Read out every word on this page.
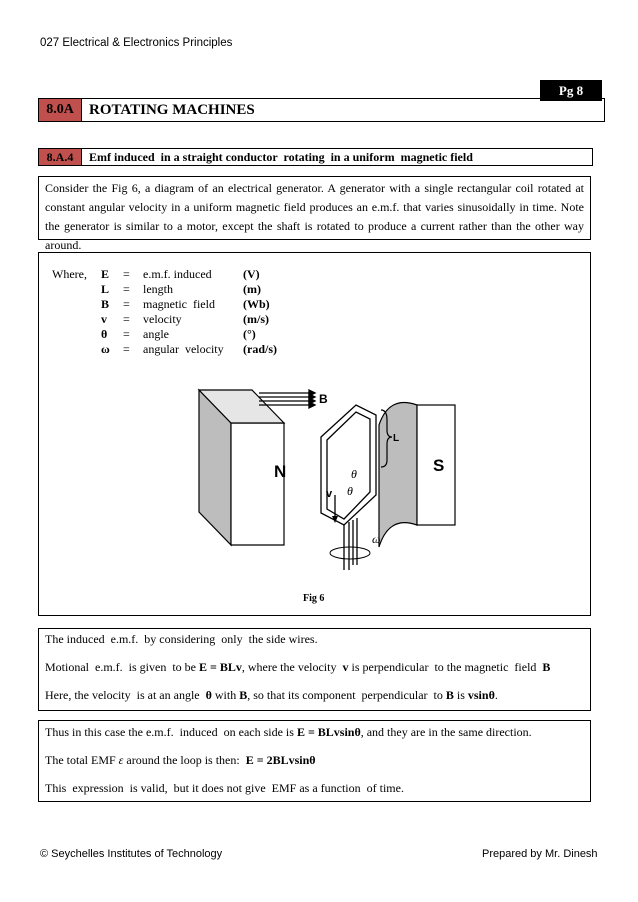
027 Electrical & Electronics Principles
Pg 8
8.0A	ROTATING MACHINES
8.A.4	Emf induced  in a straight conductor  rotating  in a uniform  magnetic field
Consider the Fig 6, a diagram of an electrical generator. A generator with a single rectangular coil rotated at constant angular velocity in a uniform magnetic field produces an e.m.f. that varies sinusoidally in time. Note the generator is similar to a motor, except the shaft is rotated to produce a current rather than the other way around.
Where, E = e.m.f. induced	(V)
L = length	(m)
B = magnetic  field (Wb)
v = velocity	(m/s)
θ = angle	(°)
ω = angular  velocity (rad/s)
N	S
B
L
v
θ
θ
ω
Fig 6
The induced  e.m.f.  by considering  only  the side wires.
Motional  e.m.f.  is given  to be E = BLv, where the velocity  v is perpendicular  to the magnetic  field  B
Here, the velocity  is at an angle  θ with B, so that its component  perpendicular  to B is vsinθ.
Thus in this case the e.m.f.  induced  on each side is E = BLvsinθ, and they are in the same direction.
The total EMF ε around the loop is then:  E = 2BLvsinθ
This  expression  is valid,  but it does not give  EMF as a function  of time.
© Seychelles Institutes of Technology	Prepared by Mr. Dinesh
